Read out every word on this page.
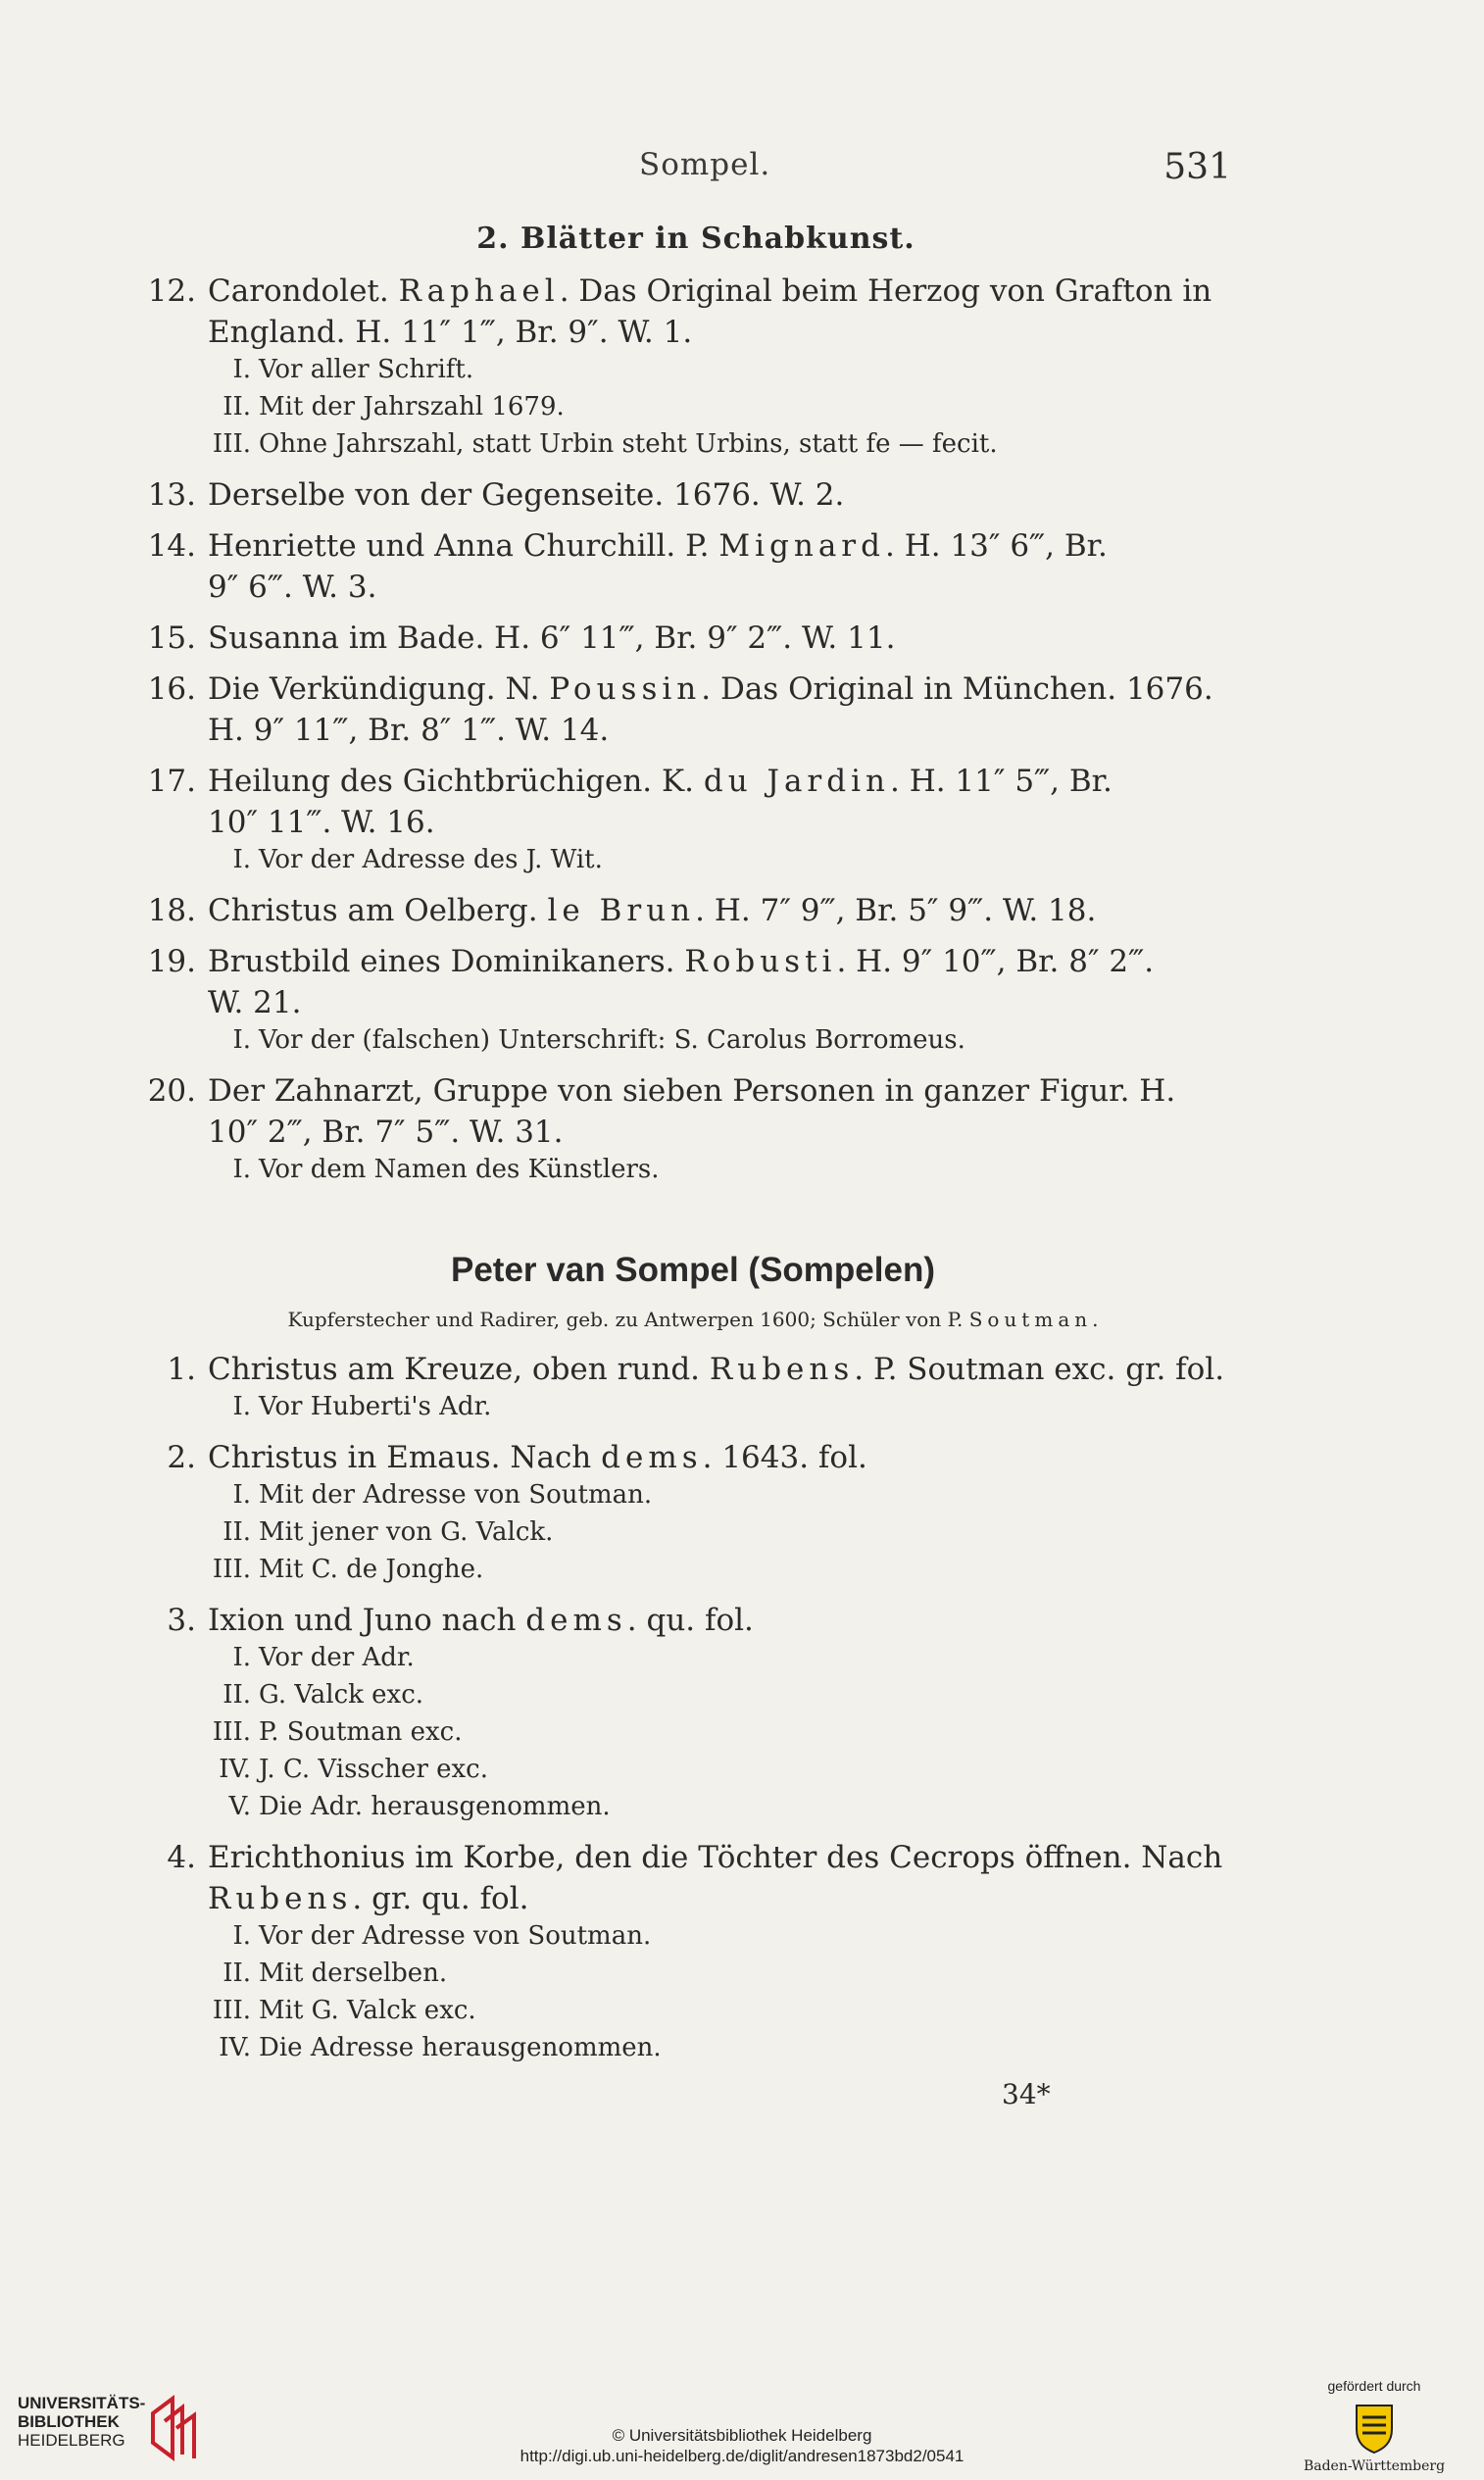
Sompel.	531
2. Blätter in Schabkunst.
12. Carondolet. Raphael. Das Original beim Herzog von Grafton in
England. H. 11″ 1‴, Br. 9″. W. 1.
I. Vor aller Schrift.
II. Mit der Jahrszahl 1679.
III. Ohne Jahrszahl, statt Urbin steht Urbins, statt fe — fecit.
13. Derselbe von der Gegenseite. 1676. W. 2.
14. Henriette und Anna Churchill. P. Mignard. H. 13″ 6‴, Br.
9″ 6‴. W. 3.
15. Susanna im Bade. H. 6″ 11‴, Br. 9″ 2‴. W. 11.
16. Die Verkündigung. N. Poussin. Das Original in München. 1676.
H. 9″ 11‴, Br. 8″ 1‴. W. 14.
17. Heilung des Gichtbrüchigen. K. du Jardin. H. 11″ 5‴, Br.
10″ 11‴. W. 16.
I. Vor der Adresse des J. Wit.
18. Christus am Oelberg. le Brun. H. 7″ 9‴, Br. 5″ 9‴. W. 18.
19. Brustbild eines Dominikaners. Robusti. H. 9″ 10‴, Br. 8″ 2‴.
W. 21.
I. Vor der (falschen) Unterschrift: S. Carolus Borromeus.
20. Der Zahnarzt, Gruppe von sieben Personen in ganzer Figur. H.
10″ 2‴, Br. 7″ 5‴. W. 31.
I. Vor dem Namen des Künstlers.
Peter van Sompel (Sompelen)
Kupferstecher und Radirer, geb. zu Antwerpen 1600; Schüler von P. Soutman.
1. Christus am Kreuze, oben rund. Rubens. P. Soutman exc. gr. fol.
I. Vor Huberti's Adr.
2. Christus in Emaus. Nach dems. 1643. fol.
I. Mit der Adresse von Soutman.
II. Mit jener von G. Valck.
III. Mit C. de Jonghe.
3. Ixion und Juno nach dems. qu. fol.
I. Vor der Adr.
II. G. Valck exc.
III. P. Soutman exc.
IV. J. C. Visscher exc.
V. Die Adr. herausgenommen.
4. Erichthonius im Korbe, den die Töchter des Cecrops öffnen. Nach
Rubens. gr. qu. fol.
I. Vor der Adresse von Soutman.
II. Mit derselben.
III. Mit G. Valck exc.
IV. Die Adresse herausgenommen.
34*
UNIVERSITÄTS-
BIBLIOTHEK
HEIDELBERG	© Universitätsbibliothek Heidelberg
http://digi.ub.uni-heidelberg.de/diglit/andresen1873bd2/0541
gefördert durch
Baden-Württemberg
